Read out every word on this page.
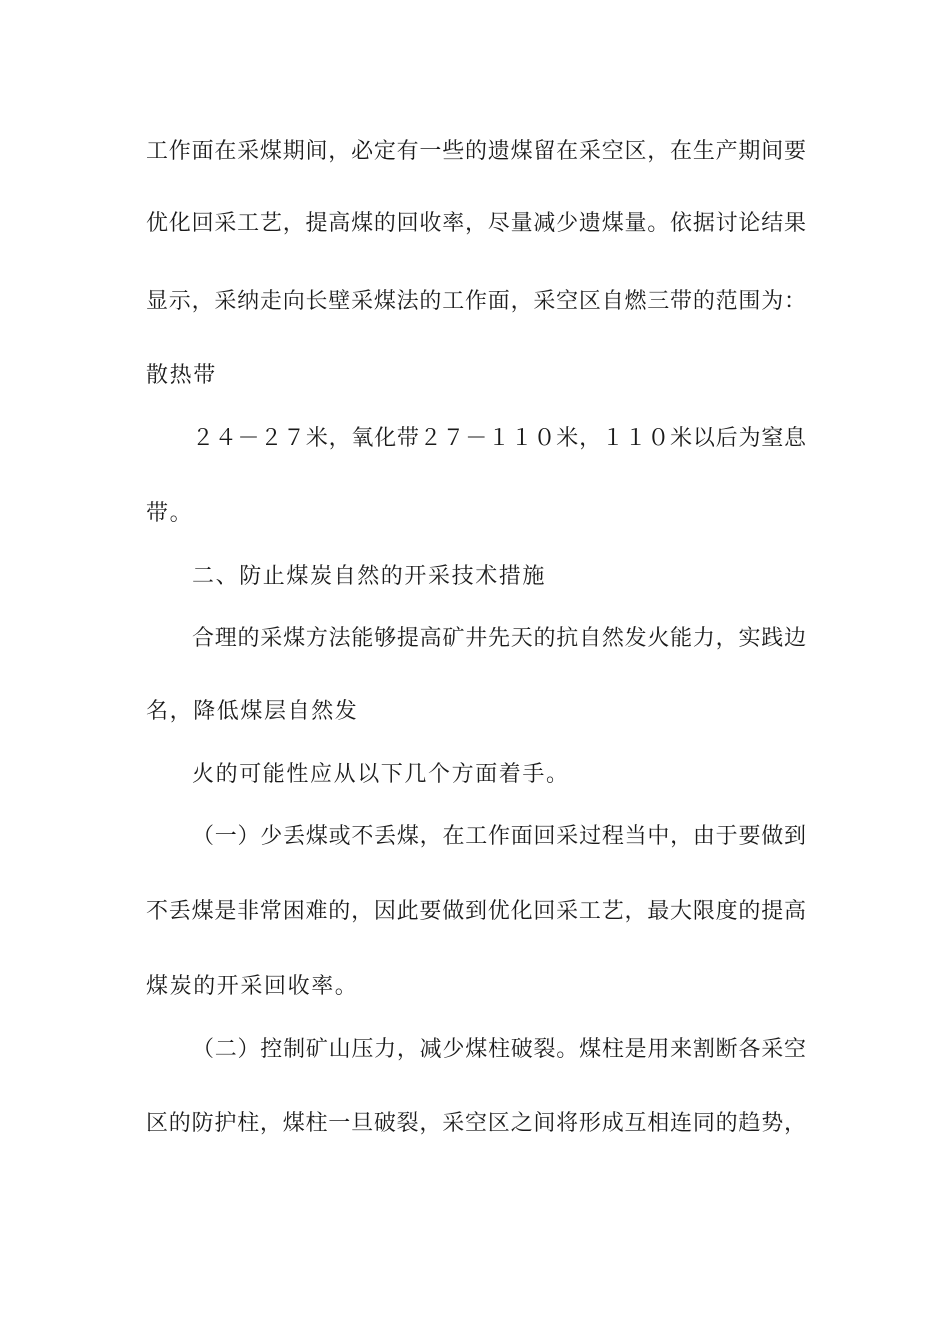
工作面在采煤期间，必定有一些的遗煤留在采空区，在生产期间要
优化回采工艺，提高煤的回收率，尽量减少遗煤量。依据讨论结果
显示，采纳走向长壁采煤法的工作面，采空区自燃三带的范围为：
散热带
２４－２７米，氧化带２７－１１０米，１１０米以后为窒息
带。
二、防止煤炭自然的开采技术措施
合理的采煤方法能够提高矿井先天的抗自然发火能力，实践边
名，降低煤层自然发
火的可能性应从以下几个方面着手。
（一）少丢煤或不丢煤，在工作面回采过程当中，由于要做到
不丢煤是非常困难的，因此要做到优化回采工艺，最大限度的提高
煤炭的开采回收率。
（二）控制矿山压力，减少煤柱破裂。煤柱是用来割断各采空
区的防护柱，煤柱一旦破裂，采空区之间将形成互相连同的趋势，
